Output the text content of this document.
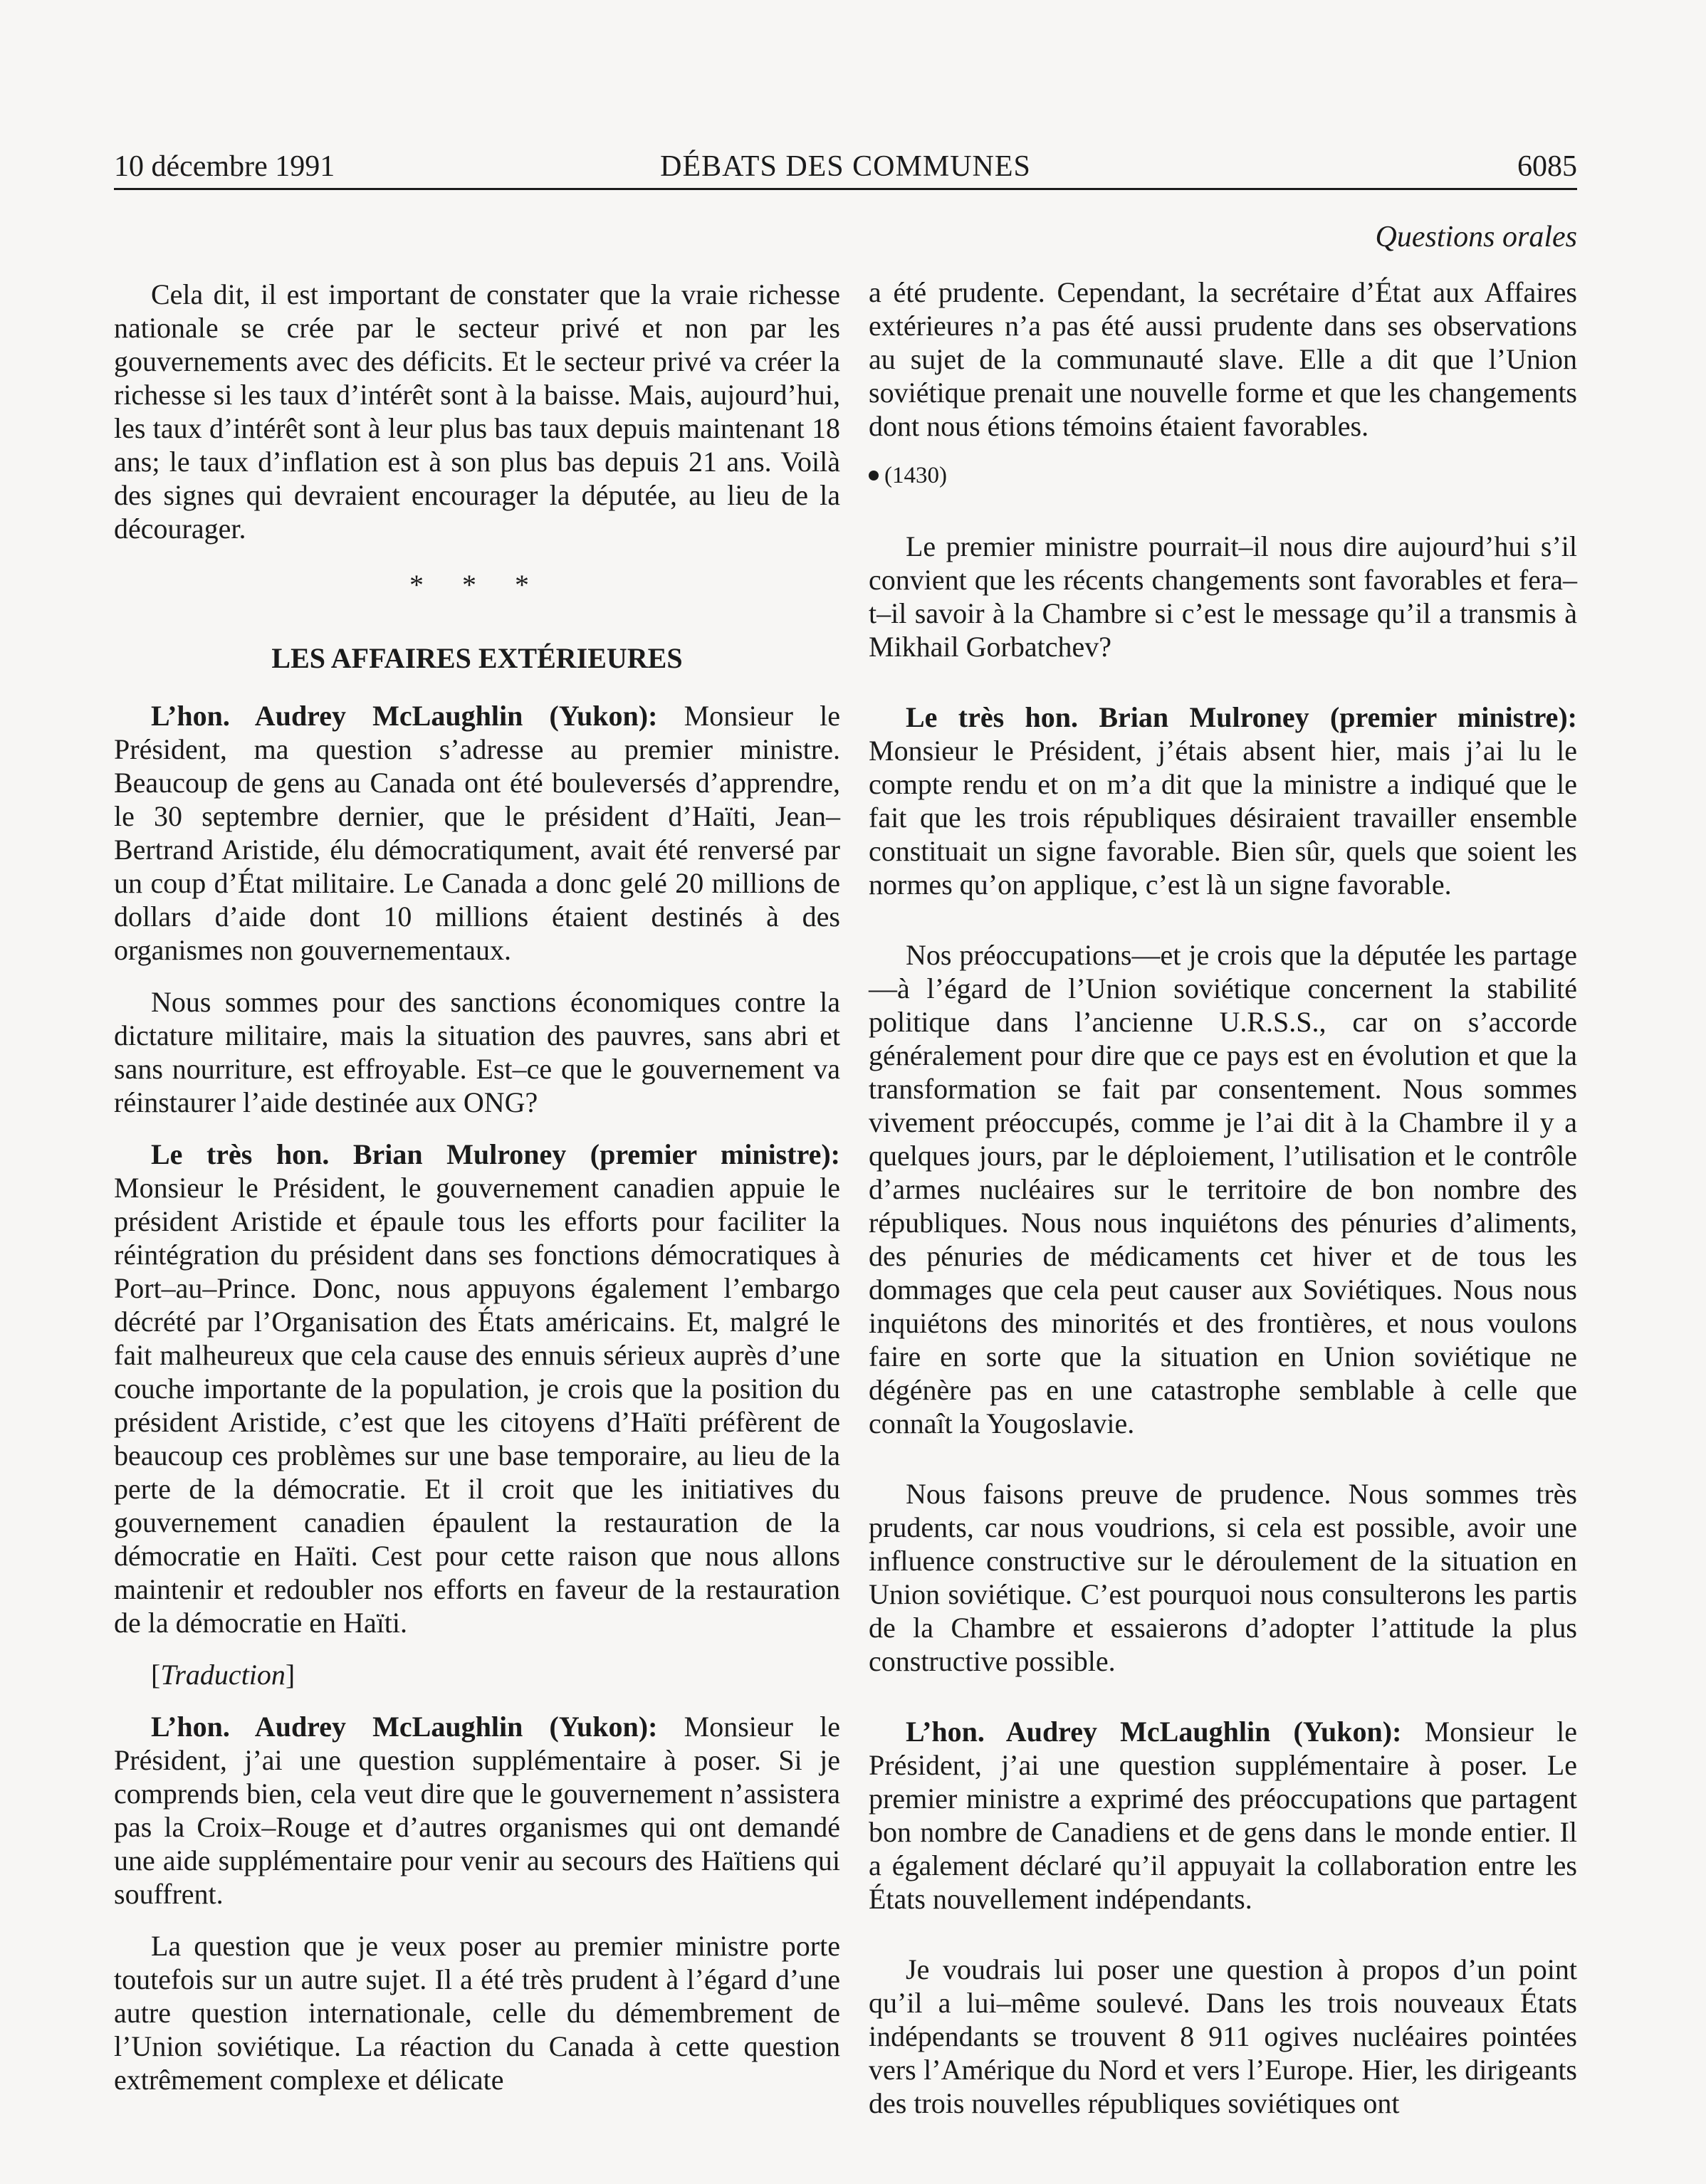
10 décembre 1991	DÉBATS DES COMMUNES	6085
Questions orales

Cela dit, il est important de constater que la vraie richesse nationale se crée par le secteur privé et non par les gouvernements avec des déficits. Et le secteur privé va créer la richesse si les taux d’intérêt sont à la baisse. Mais, aujourd’hui, les taux d’intérêt sont à leur plus bas taux depuis maintenant 18 ans; le taux d’inflation est à son plus bas depuis 21 ans. Voilà des signes qui devraient encourager la députée, au lieu de la décourager.

* * *
LES AFFAIRES EXTÉRIEURES

L’hon. Audrey McLaughlin (Yukon): Monsieur le Président, ma question s’adresse au premier ministre. Beaucoup de gens au Canada ont été bouleversés d’apprendre, le 30 septembre dernier, que le président d’Haïti, Jean–Bertrand Aristide, élu démocratiqument, avait été renversé par un coup d’État militaire. Le Canada a donc gelé 20 millions de dollars d’aide dont 10 millions étaient destinés à des organismes non gouvernementaux.

Nous sommes pour des sanctions économiques contre la dictature militaire, mais la situation des pauvres, sans abri et sans nourriture, est effroyable. Est–ce que le gouvernement va réinstaurer l’aide destinée aux ONG?

Le très hon. Brian Mulroney (premier ministre): Monsieur le Président, le gouvernement canadien appuie le président Aristide et épaule tous les efforts pour faciliter la réintégration du président dans ses fonctions démocratiques à Port–au–Prince. Donc, nous appuyons également l’embargo décrété par l’Organisation des États américains. Et, malgré le fait malheureux que cela cause des ennuis sérieux auprès d’une couche importante de la population, je crois que la position du président Aristide, c’est que les citoyens d’Haïti préfèrent de beaucoup ces problèmes sur une base temporaire, au lieu de la perte de la démocratie. Et il croit que les initiatives du gouvernement canadien épaulent la restauration de la démocratie en Haïti. Cest pour cette raison que nous allons maintenir et redoubler nos efforts en faveur de la restauration de la démocratie en Haïti.

[Traduction]

L’hon. Audrey McLaughlin (Yukon): Monsieur le Président, j’ai une question supplémentaire à poser. Si je comprends bien, cela veut dire que le gouvernement n’assistera pas la Croix–Rouge et d’autres organismes qui ont demandé une aide supplémentaire pour venir au secours des Haïtiens qui souffrent.

La question que je veux poser au premier ministre porte toutefois sur un autre sujet. Il a été très prudent à l’égard d’une autre question internationale, celle du démembrement de l’Union soviétique. La réaction du Canada à cette question extrêmement complexe et délicate

a été prudente. Cependant, la secrétaire d’État aux Affaires extérieures n’a pas été aussi prudente dans ses observations au sujet de la communauté slave. Elle a dit que l’Union soviétique prenait une nouvelle forme et que les changements dont nous étions témoins étaient favorables.

(1430)

Le premier ministre pourrait–il nous dire aujourd’hui s’il convient que les récents changements sont favorables et fera–t–il savoir à la Chambre si c’est le message qu’il a transmis à Mikhail Gorbatchev?

Le très hon. Brian Mulroney (premier ministre): Monsieur le Président, j’étais absent hier, mais j’ai lu le compte rendu et on m’a dit que la ministre a indiqué que le fait que les trois républiques désiraient travailler ensemble constituait un signe favorable. Bien sûr, quels que soient les normes qu’on applique, c’est là un signe favorable.

Nos préoccupations—et je crois que la députée les partage—à l’égard de l’Union soviétique concernent la stabilité politique dans l’ancienne U.R.S.S., car on s’accorde généralement pour dire que ce pays est en évolution et que la transformation se fait par consentement. Nous sommes vivement préoccupés, comme je l’ai dit à la Chambre il y a quelques jours, par le déploiement, l’utilisation et le contrôle d’armes nucléaires sur le territoire de bon nombre des républiques. Nous nous inquiétons des pénuries d’aliments, des pénuries de médicaments cet hiver et de tous les dommages que cela peut causer aux Soviétiques. Nous nous inquiétons des minorités et des frontières, et nous voulons faire en sorte que la situation en Union soviétique ne dégénère pas en une catastrophe semblable à celle que connaît la Yougoslavie.

Nous faisons preuve de prudence. Nous sommes très prudents, car nous voudrions, si cela est possible, avoir une influence constructive sur le déroulement de la situation en Union soviétique. C’est pourquoi nous consulterons les partis de la Chambre et essaierons d’adopter l’attitude la plus constructive possible.

L’hon. Audrey McLaughlin (Yukon): Monsieur le Président, j’ai une question supplémentaire à poser. Le premier ministre a exprimé des préoccupations que partagent bon nombre de Canadiens et de gens dans le monde entier. Il a également déclaré qu’il appuyait la collaboration entre les États nouvellement indépendants.

Je voudrais lui poser une question à propos d’un point qu’il a lui–même soulevé. Dans les trois nouveaux États indépendants se trouvent 8 911 ogives nucléaires pointées vers l’Amérique du Nord et vers l’Europe. Hier, les dirigeants des trois nouvelles républiques soviétiques ont
